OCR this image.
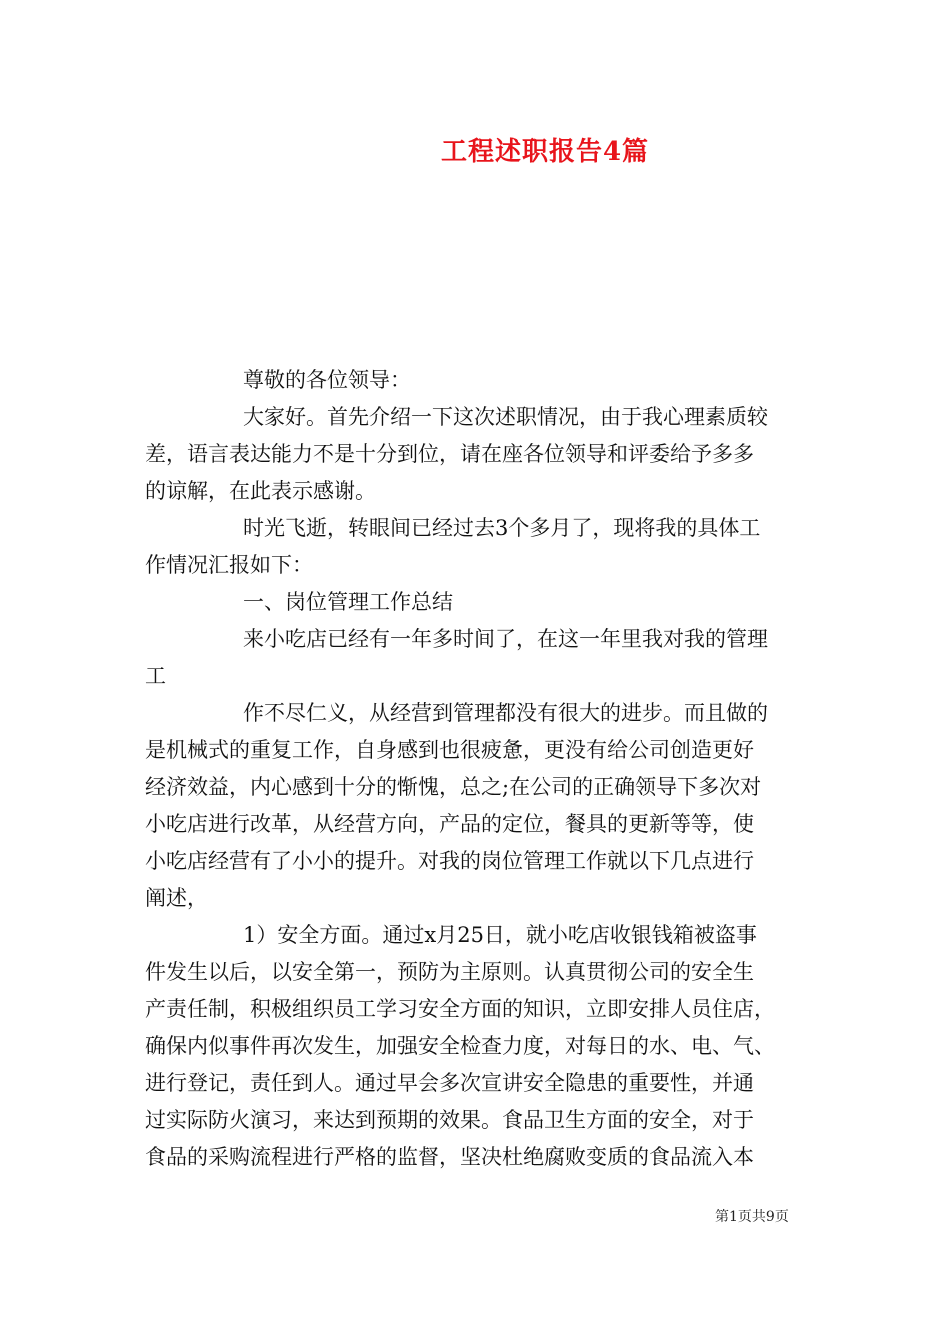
工程述职报告4篇
尊敬的各位领导：
大家好。首先介绍一下这次述职情况，由于我心理素质较
差，语言表达能力不是十分到位，请在座各位领导和评委给予多多
的谅解，在此表示感谢。
时光飞逝，转眼间已经过去3个多月了，现将我的具体工
作情况汇报如下：
一、岗位管理工作总结
来小吃店已经有一年多时间了，在这一年里我对我的管理
工
作不尽仁义，从经营到管理都没有很大的进步。而且做的
是机械式的重复工作，自身感到也很疲惫，更没有给公司创造更好
经济效益，内心感到十分的惭愧，总之;在公司的正确领导下多次对
小吃店进行改革，从经营方向，产品的定位，餐具的更新等等，使
小吃店经营有了小小的提升。对我的岗位管理工作就以下几点进行
阐述，
1）安全方面。通过x月25日，就小吃店收银钱箱被盗事
件发生以后，以安全第一，预防为主原则。认真贯彻公司的安全生
产责任制，积极组织员工学习安全方面的知识，立即安排人员住店，
确保内似事件再次发生，加强安全检查力度，对每日的水、电、气、
进行登记，责任到人。通过早会多次宣讲安全隐患的重要性，并通
过实际防火演习，来达到预期的效果。食品卫生方面的安全，对于
食品的采购流程进行严格的监督，坚决杜绝腐败变质的食品流入本
第1页共9页
